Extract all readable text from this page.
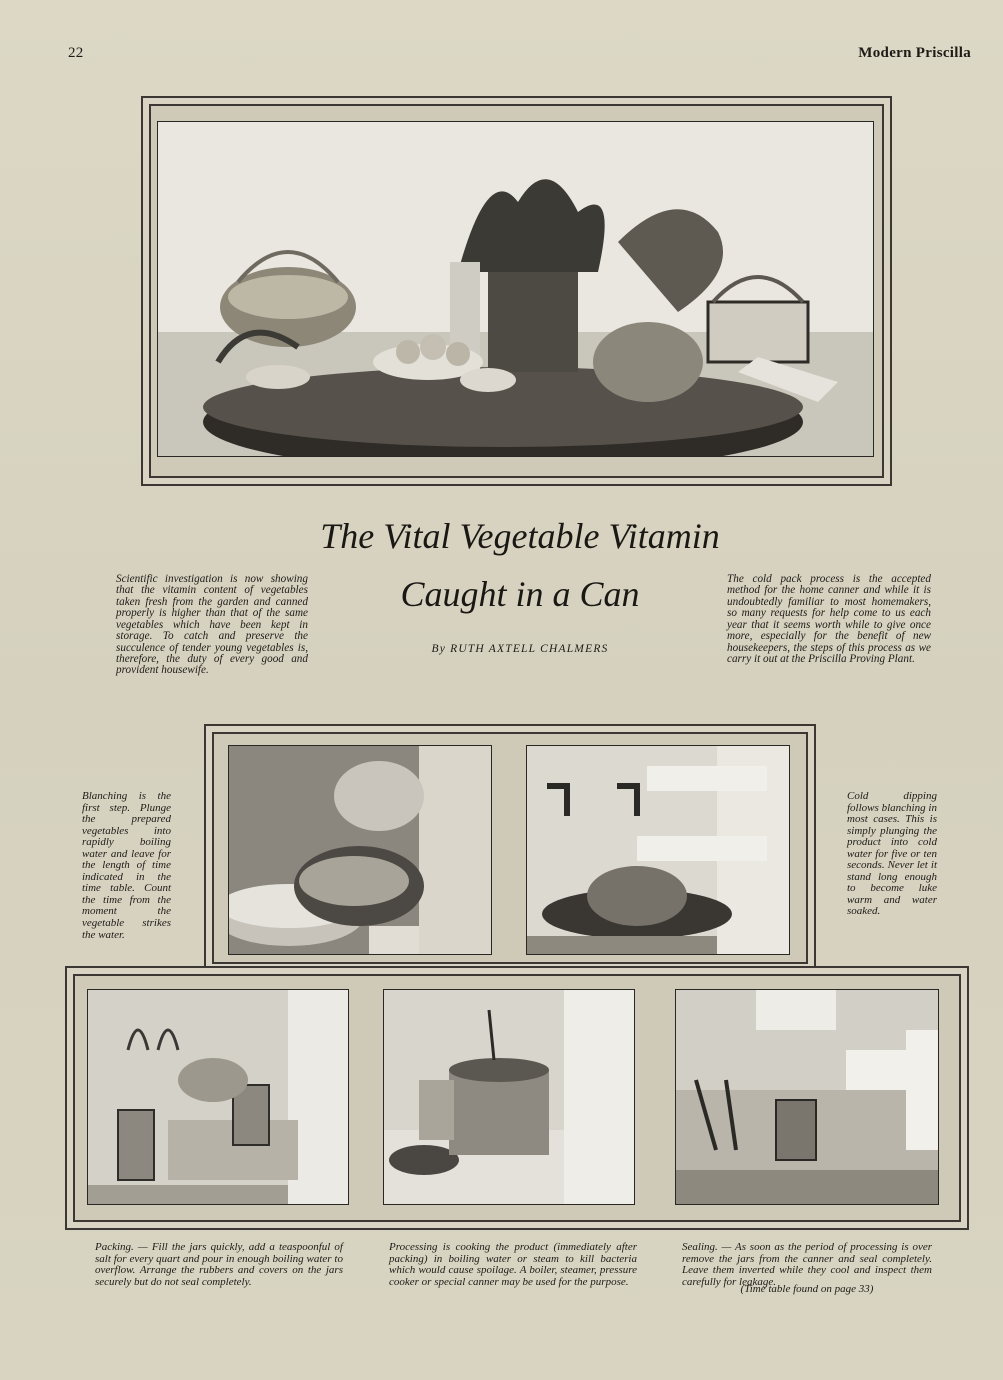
22	Modern Priscilla
The Vital Vegetable Vitamin
Caught in a Can
By RUTH AXTELL CHALMERS
Scientific investigation is now showing that the vitamin content of vegetables taken fresh from the garden and canned properly is higher than that of the same vegetables which have been kept in storage. To catch and preserve the succulence of tender young vegetables is, therefore, the duty of every good and provident housewife.
The cold pack process is the accepted method for the home canner and while it is undoubtedly familiar to most homemakers, so many requests for help come to us each year that it seems worth while to give once more, especially for the benefit of new housekeepers, the steps of this process as we carry it out at the Priscilla Proving Plant.
Blanching is the first step. Plunge the prepared vegetables into rapidly boiling water and leave for the length of time indicated in the time table. Count the time from the moment the vegetable strikes the water.
Cold dipping follows blanching in most cases. This is simply plunging the product into cold water for five or ten seconds. Never let it stand long enough to become luke warm and water soaked.
Packing. — Fill the jars quickly, add a teaspoonful of salt for every quart and pour in enough boiling water to overflow. Arrange the rubbers and covers on the jars securely but do not seal completely.
Processing is cooking the product (immediately after packing) in boiling water or steam to kill bacteria which would cause spoilage. A boiler, steamer, pressure cooker or special canner may be used for the purpose.
Sealing. — As soon as the period of processing is over remove the jars from the canner and seal completely. Leave them inverted while they cool and inspect them carefully for leakage.
(Time table found on page 33)
